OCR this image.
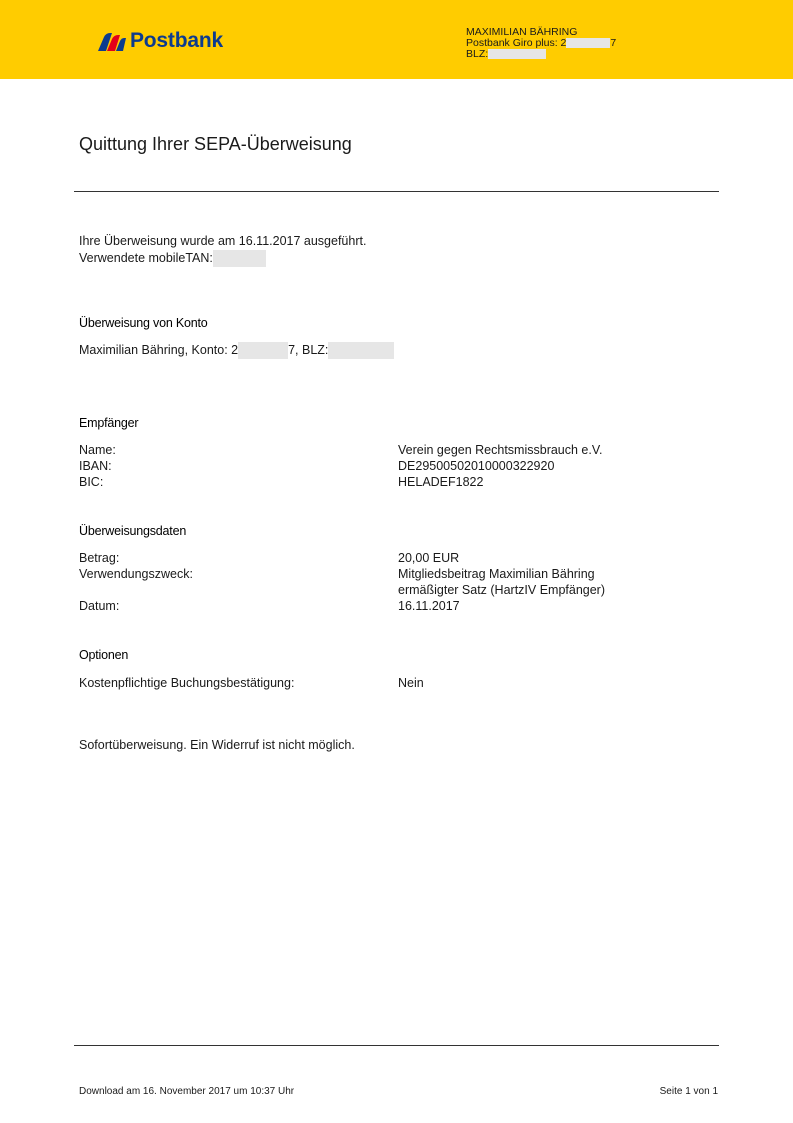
Postbank	MAXIMILIAN BÄHRING
Postbank Giro plus: 2	7
BLZ:
Quittung Ihrer SEPA-Überweisung
Ihre Überweisung wurde am 16.11.2017 ausgeführt.
Verwendete mobileTAN:
Überweisung von Konto
Maximilian Bähring, Konto: 2	7, BLZ:
Empfänger
Name:	Verein gegen Rechtsmissbrauch e.V.
IBAN:	DE29500502010000322920
BIC:	HELADEF1822
Überweisungsdaten
Betrag:	20,00 EUR
Verwendungszweck:	Mitgliedsbeitrag Maximilian Bähring
ermäßigter Satz (HartzIV Empfänger)
Datum:	16.11.2017
Optionen
Kostenpflichtige Buchungsbestätigung:	Nein
Sofortüberweisung. Ein Widerruf ist nicht möglich.
Download am 16. November 2017 um 10:37 Uhr	Seite 1 von 1
